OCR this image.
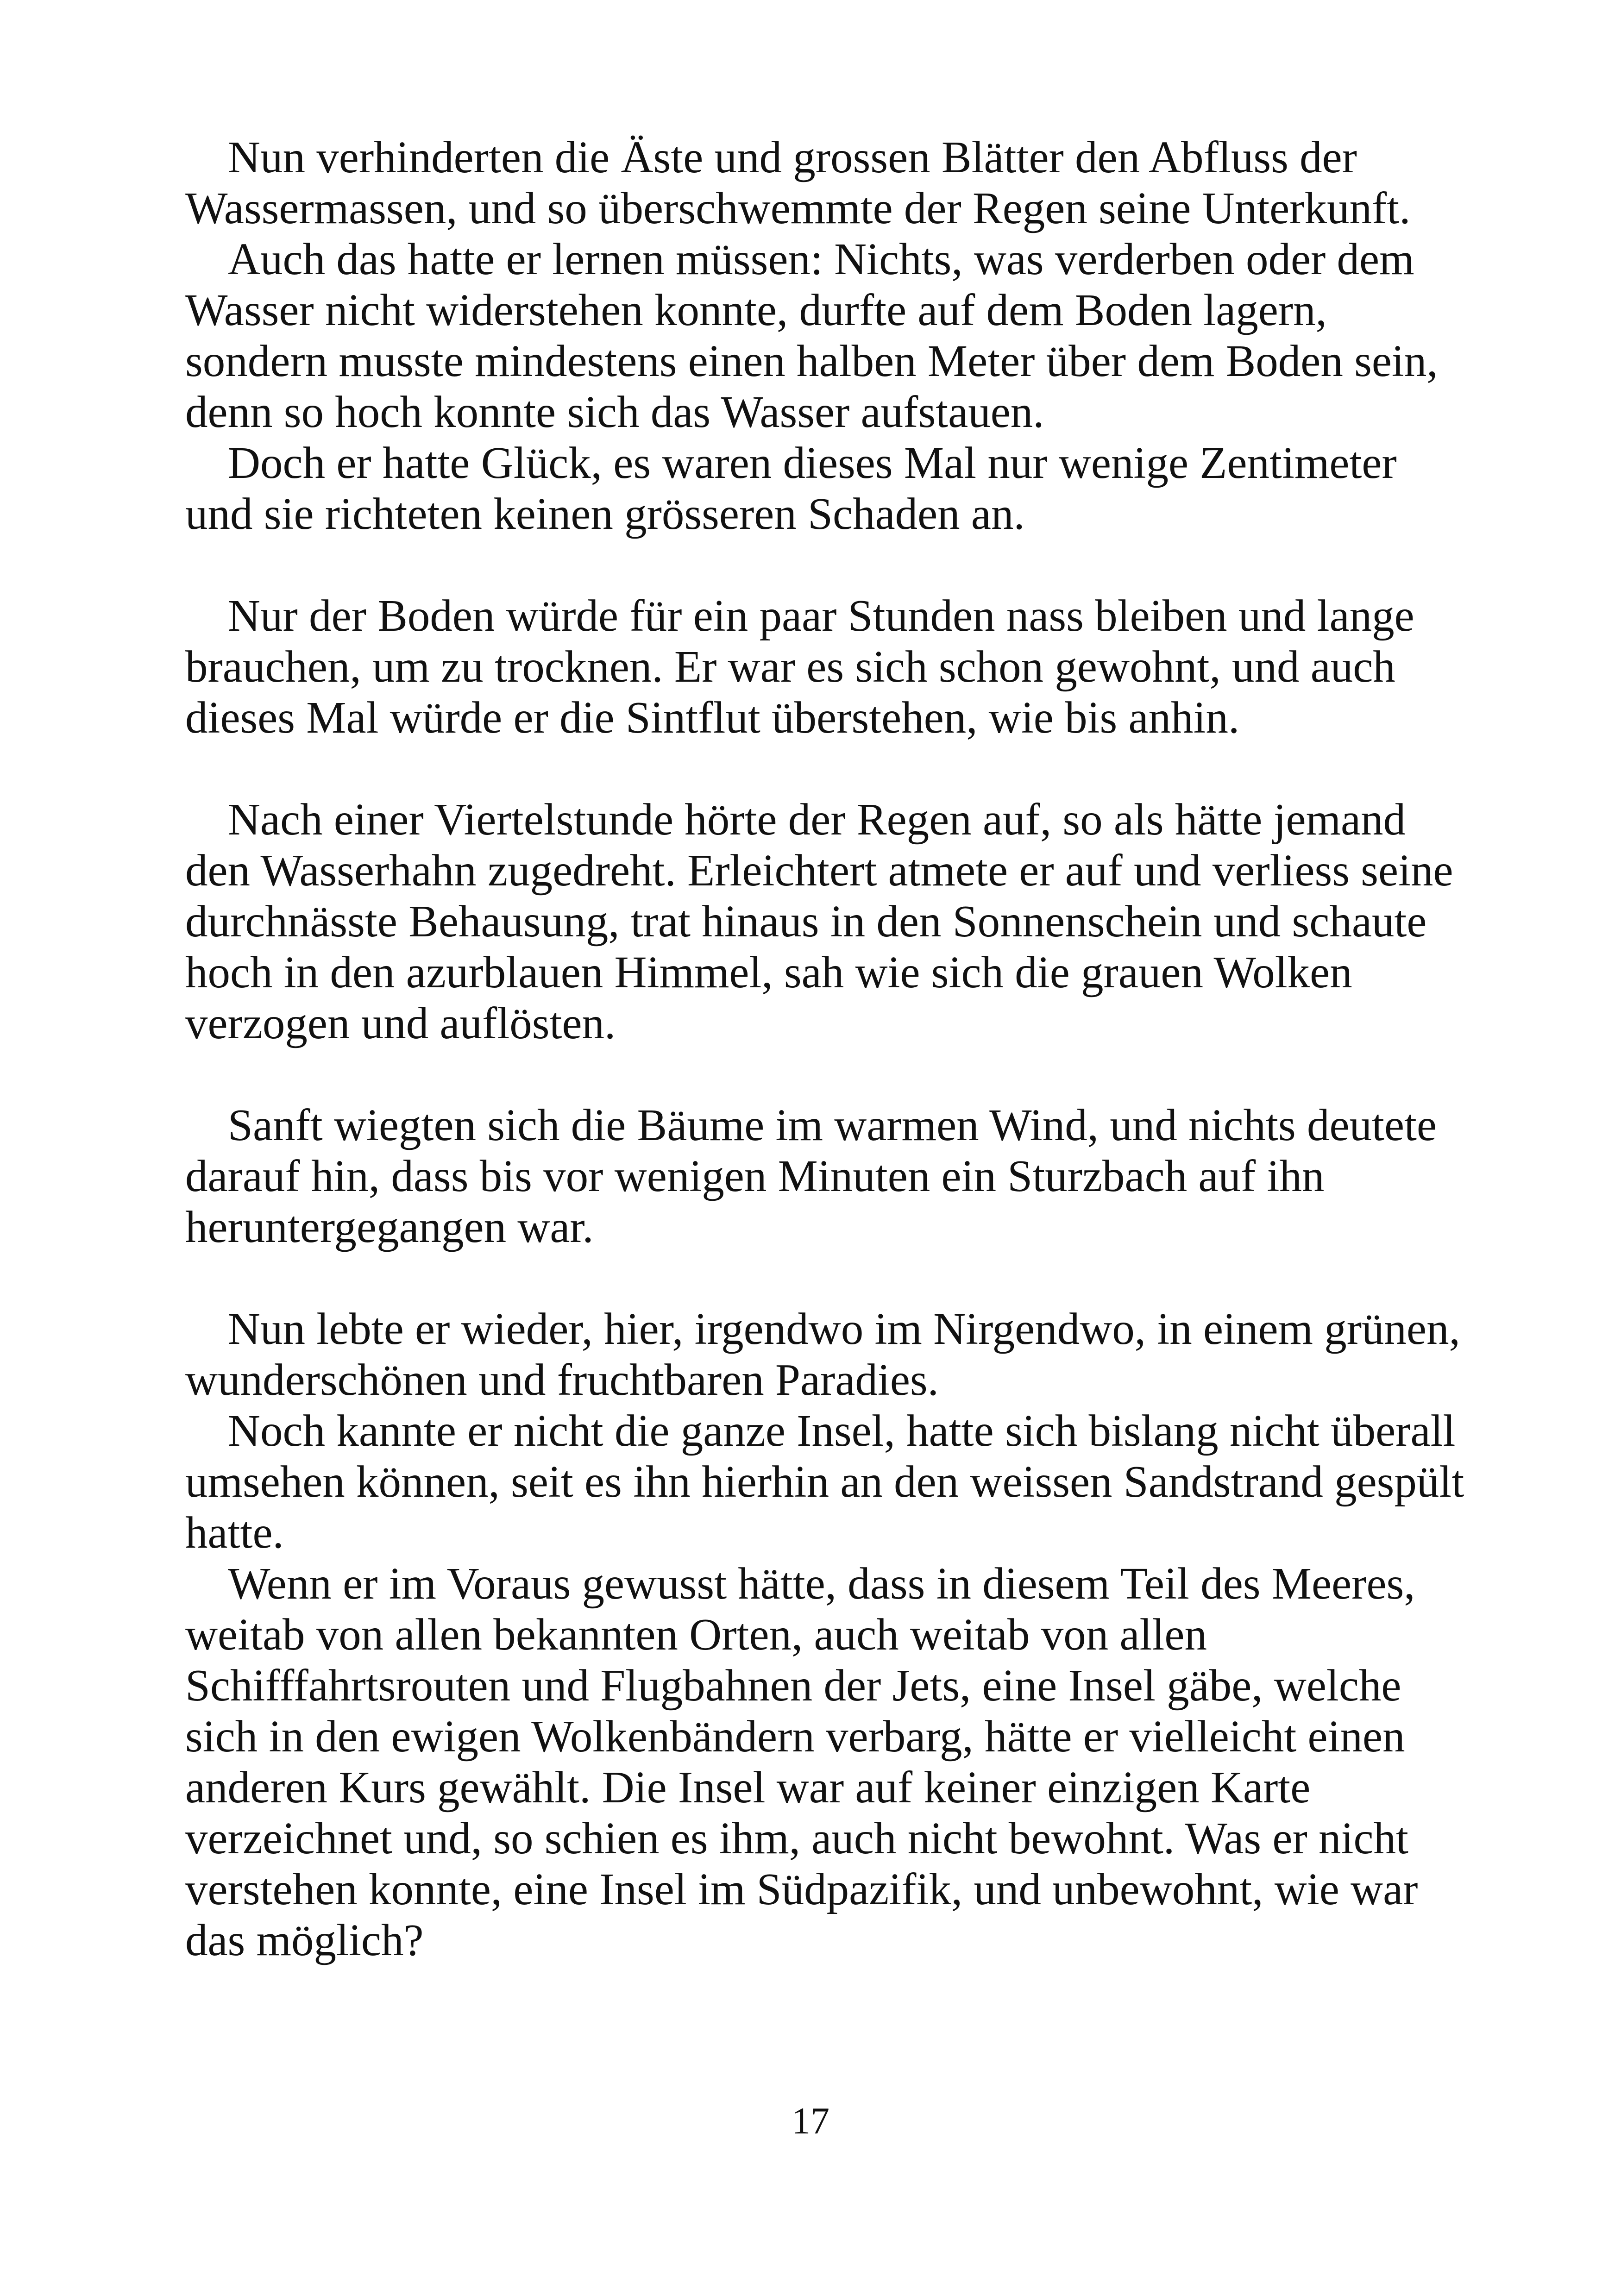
Nun verhinderten die Äste und grossen Blätter den Abfluss der Wassermassen, und so überschwemmte der Regen seine Unterkunft.

Auch das hatte er lernen müssen: Nichts, was verderben oder dem Wasser nicht widerstehen konnte, durfte auf dem Boden lagern, sondern musste mindestens einen halben Meter über dem Boden sein, denn so hoch konnte sich das Wasser aufstauen.

Doch er hatte Glück, es waren dieses Mal nur wenige Zentimeter und sie richteten keinen grösseren Schaden an.

Nur der Boden würde für ein paar Stunden nass bleiben und lange brauchen, um zu trocknen. Er war es sich schon gewohnt, und auch dieses Mal würde er die Sintflut überstehen, wie bis anhin.

Nach einer Viertelstunde hörte der Regen auf, so als hätte jemand den Wasserhahn zugedreht. Erleichtert atmete er auf und verliess seine durchnässte Behausung, trat hinaus in den Sonnenschein und schaute hoch in den azurblauen Himmel, sah wie sich die grauen Wolken verzogen und auflösten.

Sanft wiegten sich die Bäume im warmen Wind, und nichts deutete darauf hin, dass bis vor wenigen Minuten ein Sturzbach auf ihn heruntergegangen war.

Nun lebte er wieder, hier, irgendwo im Nirgendwo, in einem grünen, wunderschönen und fruchtbaren Paradies.

Noch kannte er nicht die ganze Insel, hatte sich bislang nicht überall umsehen können, seit es ihn hierhin an den weissen Sandstrand gespült hatte.

Wenn er im Voraus gewusst hätte, dass in diesem Teil des Meeres, weitab von allen bekannten Orten, auch weitab von allen Schifffahrtsrouten und Flugbahnen der Jets, eine Insel gäbe, welche sich in den ewigen Wolkenbändern verbarg, hätte er vielleicht einen anderen Kurs gewählt. Die Insel war auf keiner einzigen Karte verzeichnet und, so schien es ihm, auch nicht bewohnt. Was er nicht verstehen konnte, eine Insel im Südpazifik, und unbewohnt, wie war das möglich?

17
